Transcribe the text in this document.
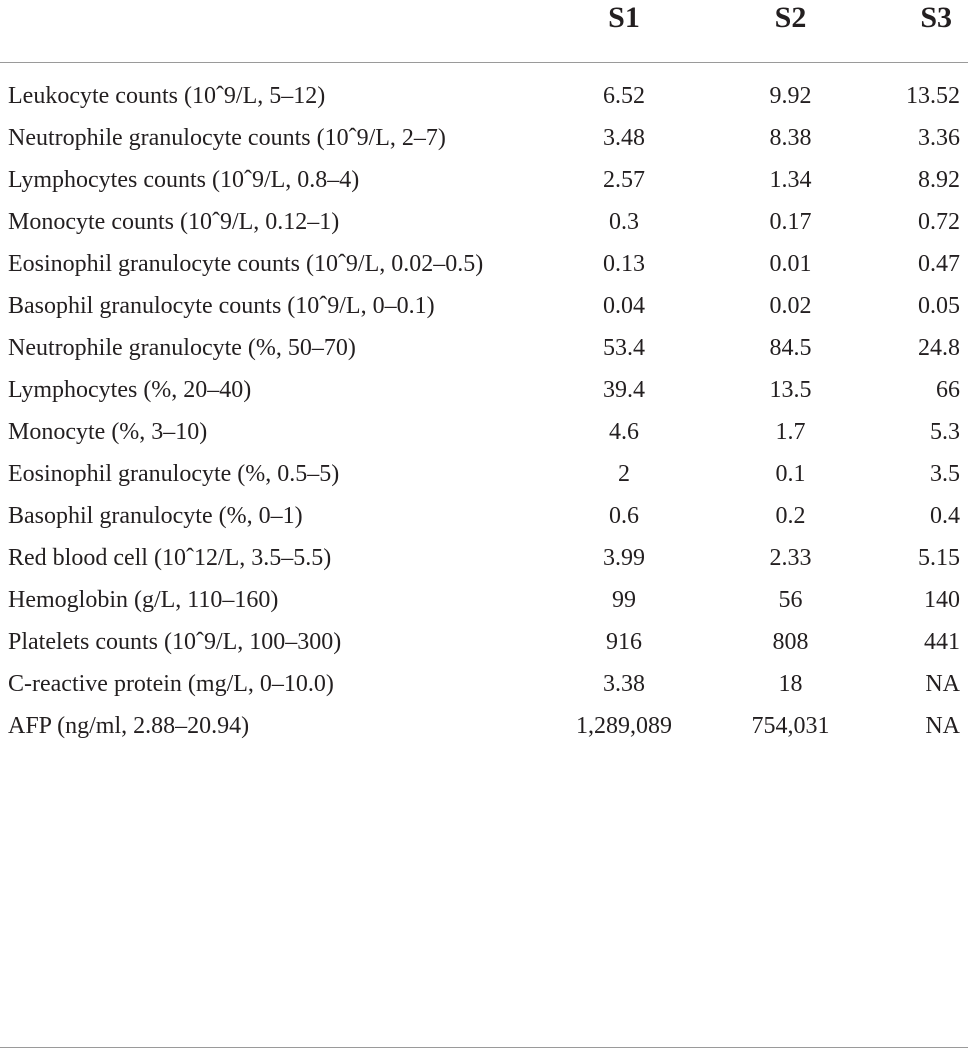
	S1	S2	S3
Leukocyte counts (10ˆ9/L, 5–12)	6.52	9.92	13.52
Neutrophile granulocyte counts (10ˆ9/L, 2–7)	3.48	8.38	3.36
Lymphocytes counts (10ˆ9/L, 0.8–4)	2.57	1.34	8.92
Monocyte counts (10ˆ9/L, 0.12–1)	0.3	0.17	0.72
Eosinophil granulocyte counts (10ˆ9/L, 0.02–0.5)	0.13	0.01	0.47
Basophil granulocyte counts (10ˆ9/L, 0–0.1)	0.04	0.02	0.05
Neutrophile granulocyte (%, 50–70)	53.4	84.5	24.8
Lymphocytes (%, 20–40)	39.4	13.5	66
Monocyte (%, 3–10)	4.6	1.7	5.3
Eosinophil granulocyte (%, 0.5–5)	2	0.1	3.5
Basophil granulocyte (%, 0–1)	0.6	0.2	0.4
Red blood cell (10ˆ12/L, 3.5–5.5)	3.99	2.33	5.15
Hemoglobin (g/L, 110–160)	99	56	140
Platelets counts (10ˆ9/L, 100–300)	916	808	441
C-reactive protein (mg/L, 0–10.0)	3.38	18	NA
AFP (ng/ml, 2.88–20.94)	1,289,089	754,031	NA
